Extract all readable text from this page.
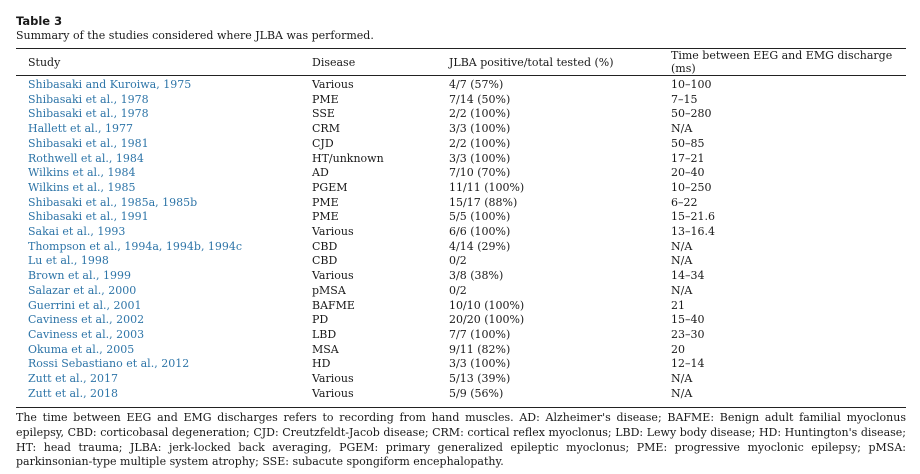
Table 3
Summary of the studies considered where JLBA was performed.
Study	Disease	JLBA positive/total tested (%)	Time between EEG and EMG discharge (ms)
Shibasaki and Kuroiwa, 1975	Various	4/7 (57%)	10–100
Shibasaki et al., 1978	PME	7/14 (50%)	7–15
Shibasaki et al., 1978	SSE	2/2 (100%)	50–280
Hallett et al., 1977	CRM	3/3 (100%)	N/A
Shibasaki et al., 1981	CJD	2/2 (100%)	50–85
Rothwell et al., 1984	HT/unknown	3/3 (100%)	17–21
Wilkins et al., 1984	AD	7/10 (70%)	20–40
Wilkins et al., 1985	PGEM	11/11 (100%)	10–250
Shibasaki et al., 1985a, 1985b	PME	15/17 (88%)	6–22
Shibasaki et al., 1991	PME	5/5 (100%)	15–21.6
Sakai et al., 1993	Various	6/6 (100%)	13–16.4
Thompson et al., 1994a, 1994b, 1994c	CBD	4/14 (29%)	N/A
Lu et al., 1998	CBD	0/2	N/A
Brown et al., 1999	Various	3/8 (38%)	14–34
Salazar et al., 2000	pMSA	0/2	N/A
Guerrini et al., 2001	BAFME	10/10 (100%)	21
Caviness et al., 2002	PD	20/20 (100%)	15–40
Caviness et al., 2003	LBD	7/7 (100%)	23–30
Okuma et al., 2005	MSA	9/11 (82%)	20
Rossi Sebastiano et al., 2012	HD	3/3 (100%)	12–14
Zutt et al., 2017	Various	5/13 (39%)	N/A
Zutt et al., 2018	Various	5/9 (56%)	N/A
The time between EEG and EMG discharges refers to recording from hand muscles. AD: Alzheimer's disease; BAFME: Benign adult familial myoclonus epilepsy, CBD: corticobasal degeneration; CJD: Creutzfeldt-Jacob disease; CRM: cortical reflex myoclonus; LBD: Lewy body disease; HD: Huntington's disease; HT: head trauma; JLBA: jerk-locked back averaging, PGEM: primary generalized epileptic myoclonus; PME: progressive myoclonic epilepsy; pMSA: parkinsonian-type multiple system atrophy; SSE: subacute spongiform encephalopathy.
